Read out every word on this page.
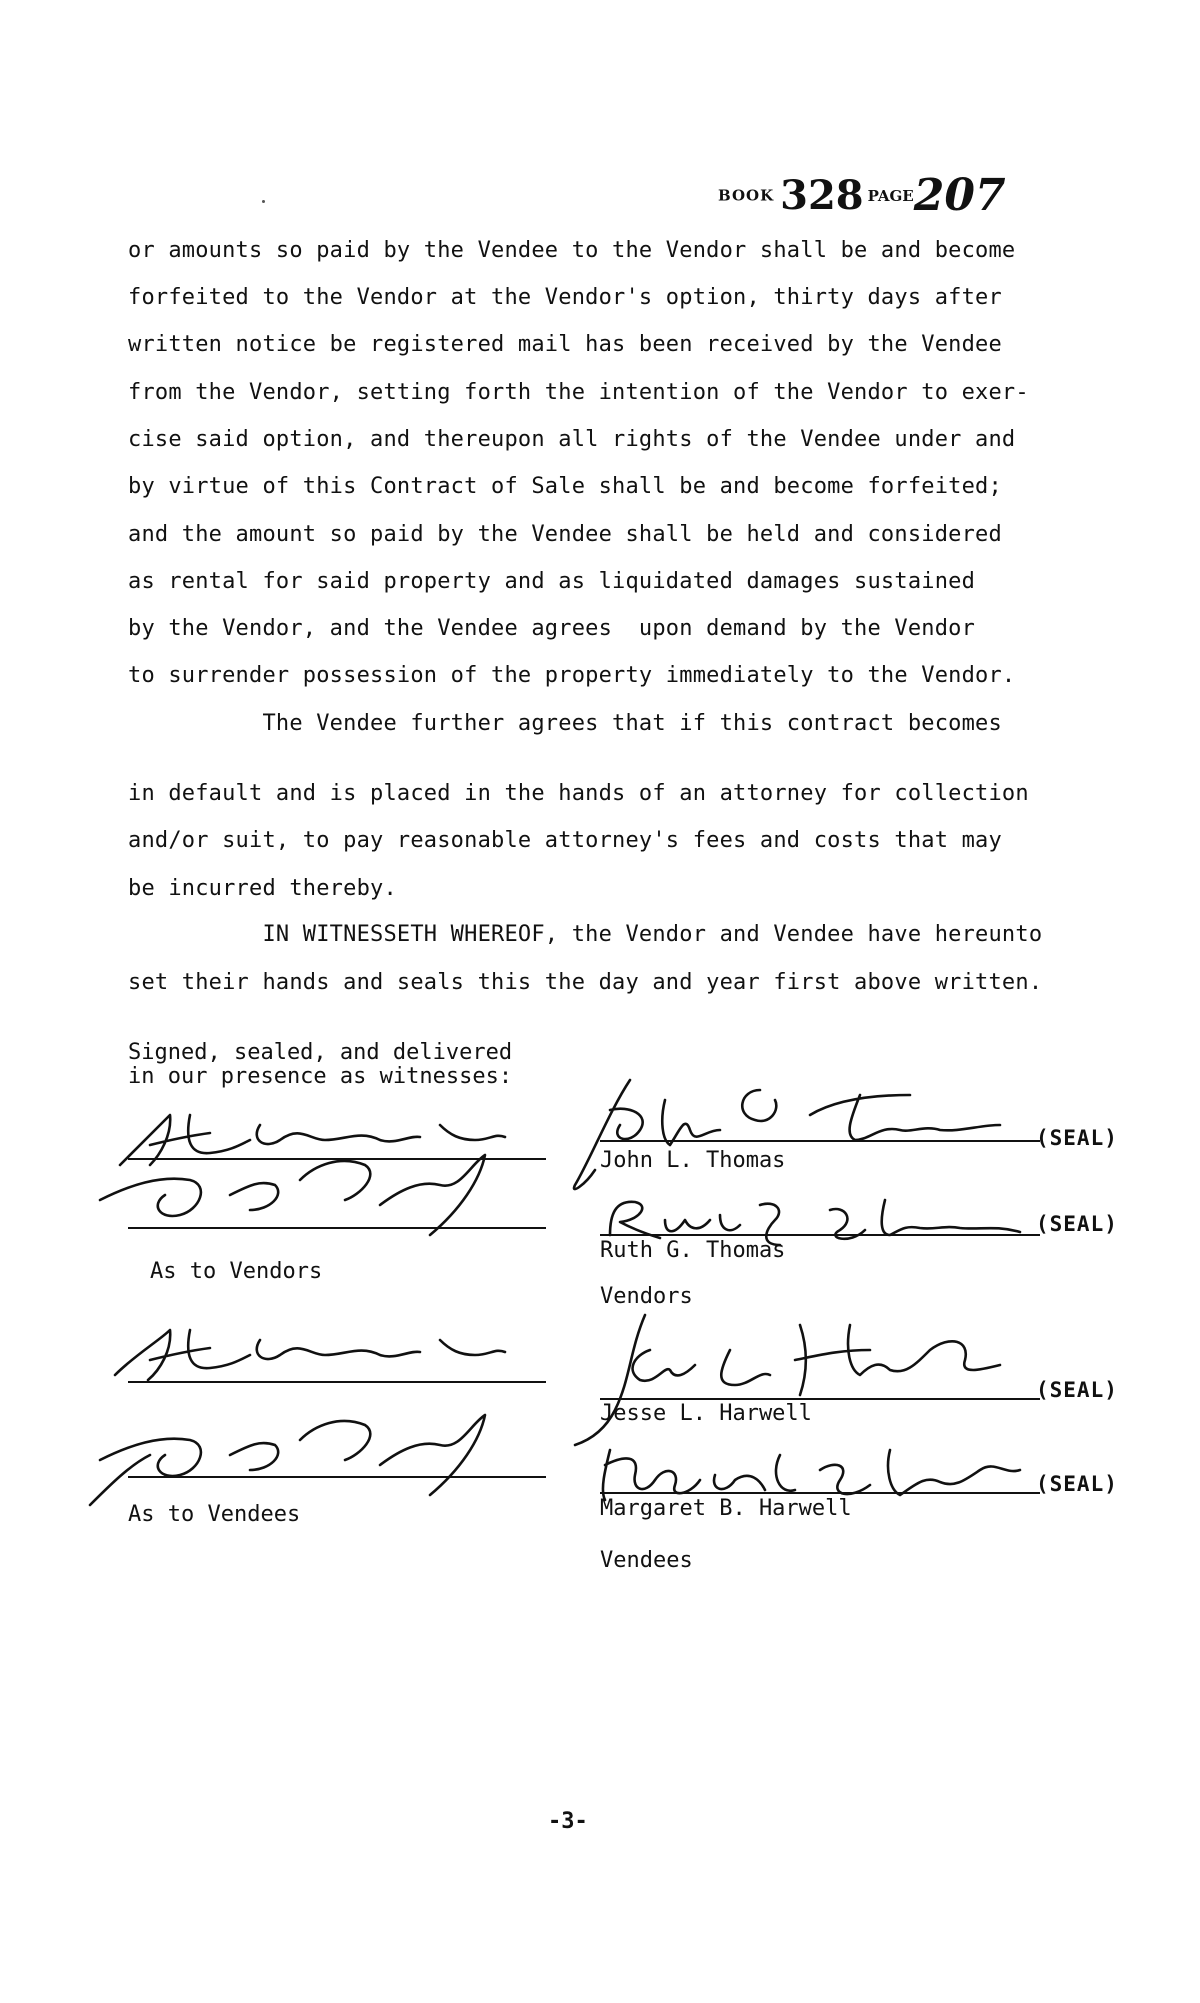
BOOK 328 PAGE207
or amounts so paid by the Vendee to the Vendor shall be and become
forfeited to the Vendor at the Vendor's option, thirty days after
written notice be registered mail has been received by the Vendee
from the Vendor, setting forth the intention of the Vendor to exer-
cise said option, and thereupon all rights of the Vendee under and
by virtue of this Contract of Sale shall be and become forfeited;
and the amount so paid by the Vendee shall be held and considered
as rental for said property and as liquidated damages sustained
by the Vendor, and the Vendee agrees  upon demand by the Vendor
to surrender possession of the property immediately to the Vendor.
The Vendee further agrees that if this contract becomes
in default and is placed in the hands of an attorney for collection
and/or suit, to pay reasonable attorney's fees and costs that may
be incurred thereby.
IN WITNESSETH WHEREOF, the Vendor and Vendee have hereunto
set their hands and seals this the day and year first above written.
Signed, sealed, and delivered
in our presence as witnesses:
As to Vendors
As to Vendees
(SEAL)
John L. Thomas
(SEAL)
Ruth G. Thomas
Vendors
(SEAL)
Jesse L. Harwell
(SEAL)
Margaret B. Harwell
Vendees
-3-
